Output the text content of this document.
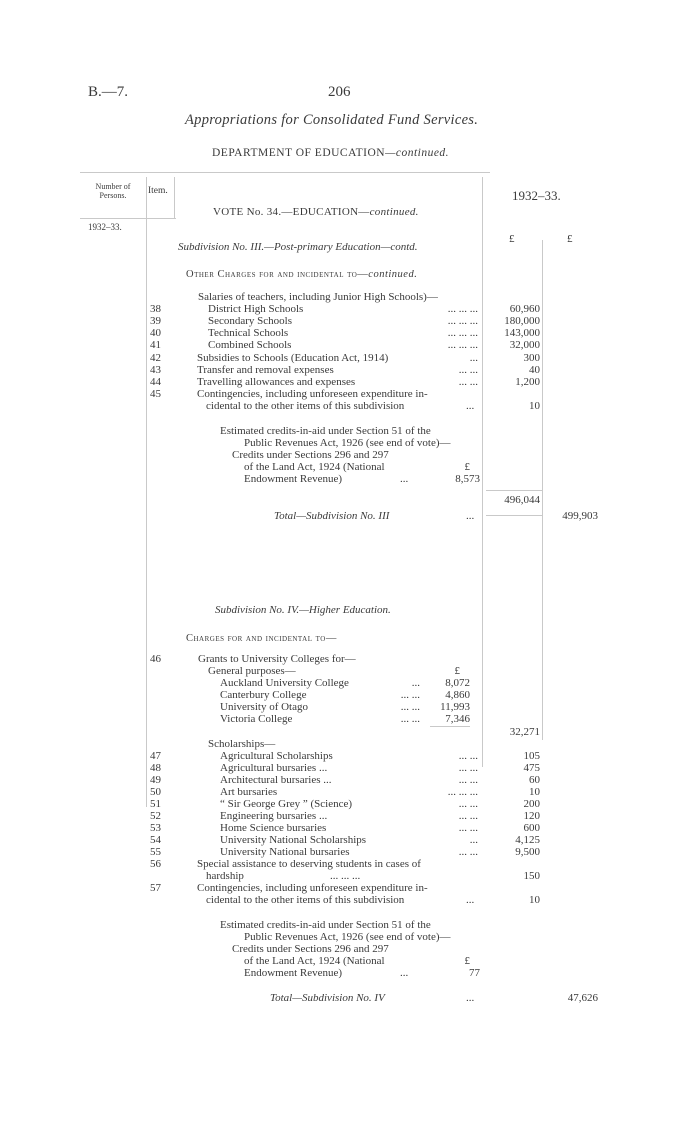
B.—7.	206
Appropriations for Consolidated Fund Services.
DEPARTMENT OF EDUCATION—continued.
Number of Persons.	Item.	1932–33.
1932–33.
£	£
VOTE No. 34.—EDUCATION—continued.
Subdivision No. III.—Post-primary Education—contd.
Other Charges for and incidental to—continued.
Salaries of teachers, including Junior High Schools)—
38	District High Schools	... ... ...	60,960
39	Secondary Schools	... ... ...	180,000
40	Technical Schools	... ... ...	143,000
41	Combined Schools	... ... ...	32,000
42	Subsidies to Schools (Education Act, 1914)	...	300
43	Transfer and removal expenses	... ...	40
44	Travelling allowances and expenses	... ...	1,200
45	Contingencies, including unforeseen expenditure in-
cidental to the other items of this subdivision	...	10
Estimated credits-in-aid under Section 51 of the
Public Revenues Act, 1926 (see end of vote)—
Credits under Sections 296 and 297
of the Land Act, 1924 (National	£
Endowment Revenue)	...	8,573
496,044
Total—Subdivision No. III	...	499,903
Subdivision No. IV.—Higher Education.
Charges for and incidental to—
46	Grants to University Colleges for—
General purposes—	£
Auckland University College	...	8,072
Canterbury College	... ...	4,860
University of Otago	... ...	11,993
Victoria College	... ...	7,346
32,271
Scholarships—
47	Agricultural Scholarships	... ...	105
48	Agricultural bursaries ...	... ...	475
49	Architectural bursaries ...	... ...	60
50	Art bursaries	... ... ...	10
51	“ Sir George Grey ” (Science)	... ...	200
52	Engineering bursaries ...	... ...	120
53	Home Science bursaries	... ...	600
54	University National Scholarships	...	4,125
55	University National bursaries	... ...	9,500
56	Special assistance to deserving students in cases of
hardship	... ... ...	150
57	Contingencies, including unforeseen expenditure in-
cidental to the other items of this subdivision	...	10
Estimated credits-in-aid under Section 51 of the
Public Revenues Act, 1926 (see end of vote)—
Credits under Sections 296 and 297
of the Land Act, 1924 (National	£
Endowment Revenue)	...	77
Total—Subdivision No. IV	...	47,626
